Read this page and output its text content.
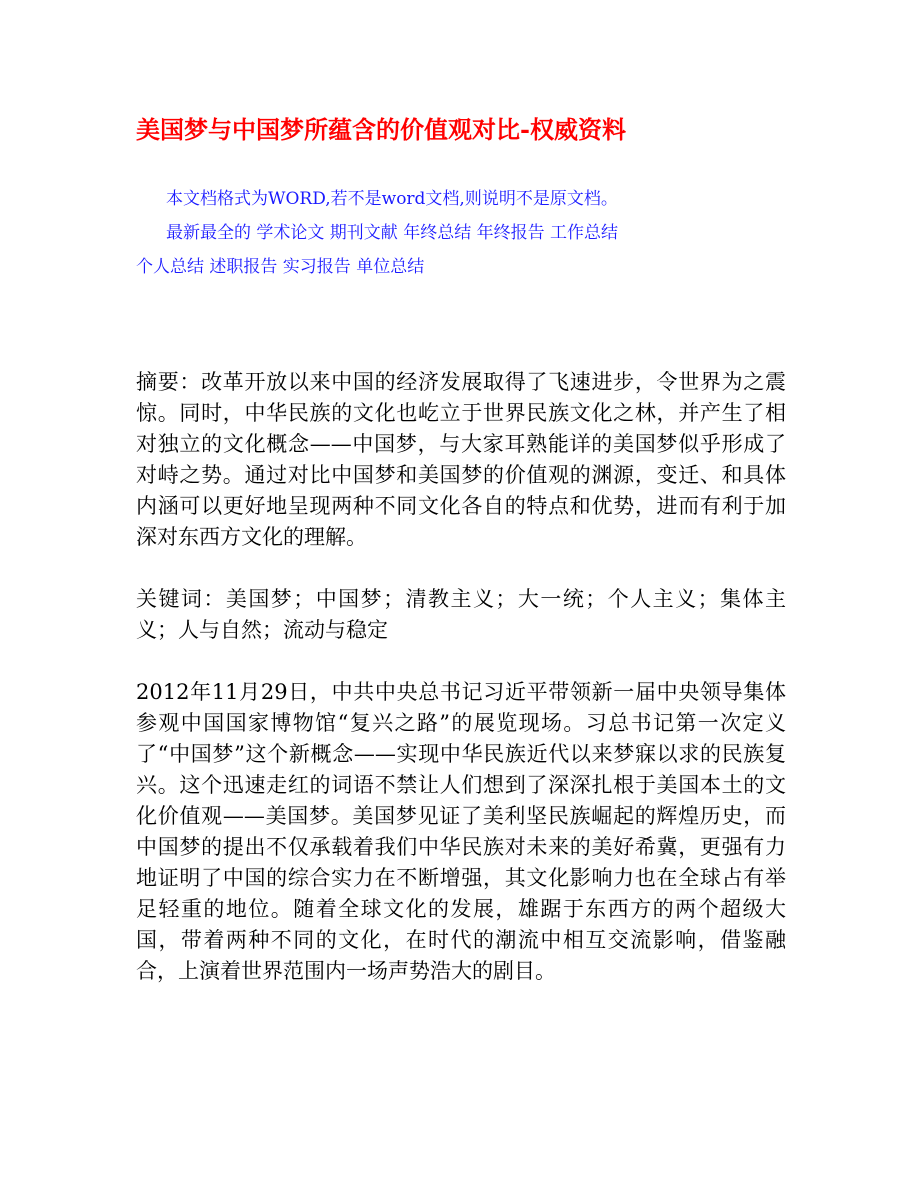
美国梦与中国梦所蕴含的价值观对比-权威资料
本文档格式为WORD,若不是word文档,则说明不是原文档。
最新最全的 学术论文 期刊文献 年终总结 年终报告 工作总结
个人总结 述职报告 实习报告 单位总结

摘要：改革开放以来中国的经济发展取得了飞速进步，令世界为之震惊。同时，中华民族的文化也屹立于世界民族文化之林，并产生了相对独立的文化概念——中国梦，与大家耳熟能详的美国梦似乎形成了对峙之势。通过对比中国梦和美国梦的价值观的渊源，变迁、和具体内涵可以更好地呈现两种不同文化各自的特点和优势，进而有利于加深对东西方文化的理解。

关键词：美国梦；中国梦；清教主义；大一统；个人主义；集体主义；人与自然；流动与稳定

2012年11月29日，中共中央总书记习近平带领新一届中央领导集体参观中国国家博物馆“复兴之路”的展览现场。习总书记第一次定义了“中国梦”这个新概念——实现中华民族近代以来梦寐以求的民族复兴。这个迅速走红的词语不禁让人们想到了深深扎根于美国本土的文化价值观——美国梦。美国梦见证了美利坚民族崛起的辉煌历史，而中国梦的提出不仅承载着我们中华民族对未来的美好希冀，更强有力地证明了中国的综合实力在不断增强，其文化影响力也在全球占有举足轻重的地位。随着全球文化的发展，雄踞于东西方的两个超级大国，带着两种不同的文化，在时代的潮流中相互交流影响，借鉴融合，上演着世界范围内一场声势浩大的剧目。
